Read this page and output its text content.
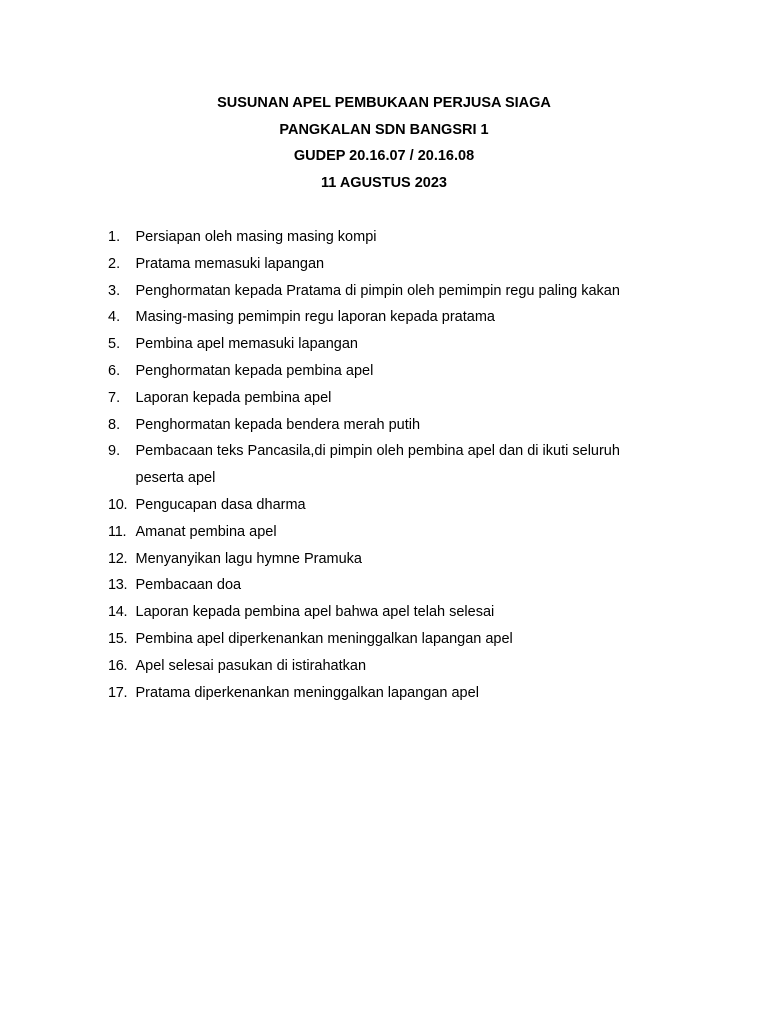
SUSUNAN APEL PEMBUKAAN PERJUSA SIAGA
PANGKALAN SDN BANGSRI 1
GUDEP 20.16.07 / 20.16.08
11 AGUSTUS 2023
1.	Persiapan oleh masing masing kompi
2.	Pratama memasuki lapangan
3.	Penghormatan kepada Pratama di pimpin oleh pemimpin regu paling kakan
4.	Masing-masing pemimpin regu laporan kepada pratama
5.	Pembina apel memasuki lapangan
6.	Penghormatan kepada pembina apel
7.	Laporan kepada pembina apel
8.	Penghormatan kepada bendera merah putih
9.	Pembacaan teks Pancasila,di pimpin oleh pembina apel dan di ikuti seluruh peserta apel
10. Pengucapan dasa dharma
11. Amanat pembina apel
12. Menyanyikan lagu hymne Pramuka
13. Pembacaan doa
14. Laporan kepada pembina apel bahwa apel telah selesai
15. Pembina apel diperkenankan meninggalkan lapangan apel
16. Apel selesai pasukan di istirahatkan
17. Pratama diperkenankan meninggalkan lapangan apel
